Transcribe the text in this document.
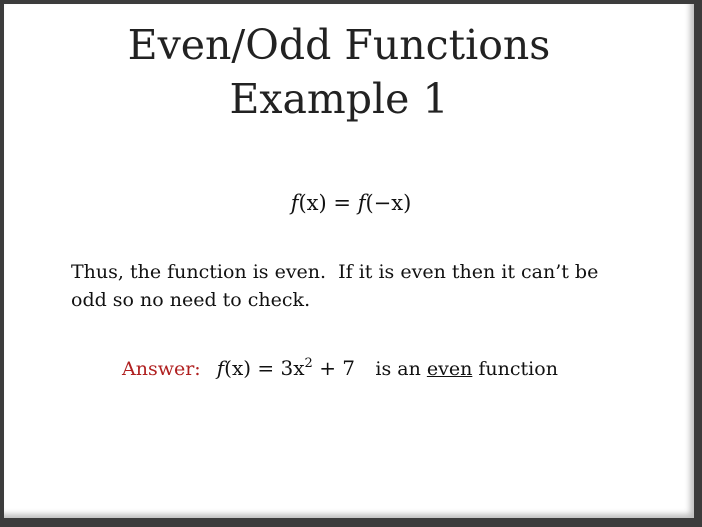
Even/Odd Functions
Example 1
f(x) = f(−x)
Thus, the function is even.  If it is even then it can’t be
odd so no need to check.
Answer: $f(x) = 3x^2 + 7$ is an even function
